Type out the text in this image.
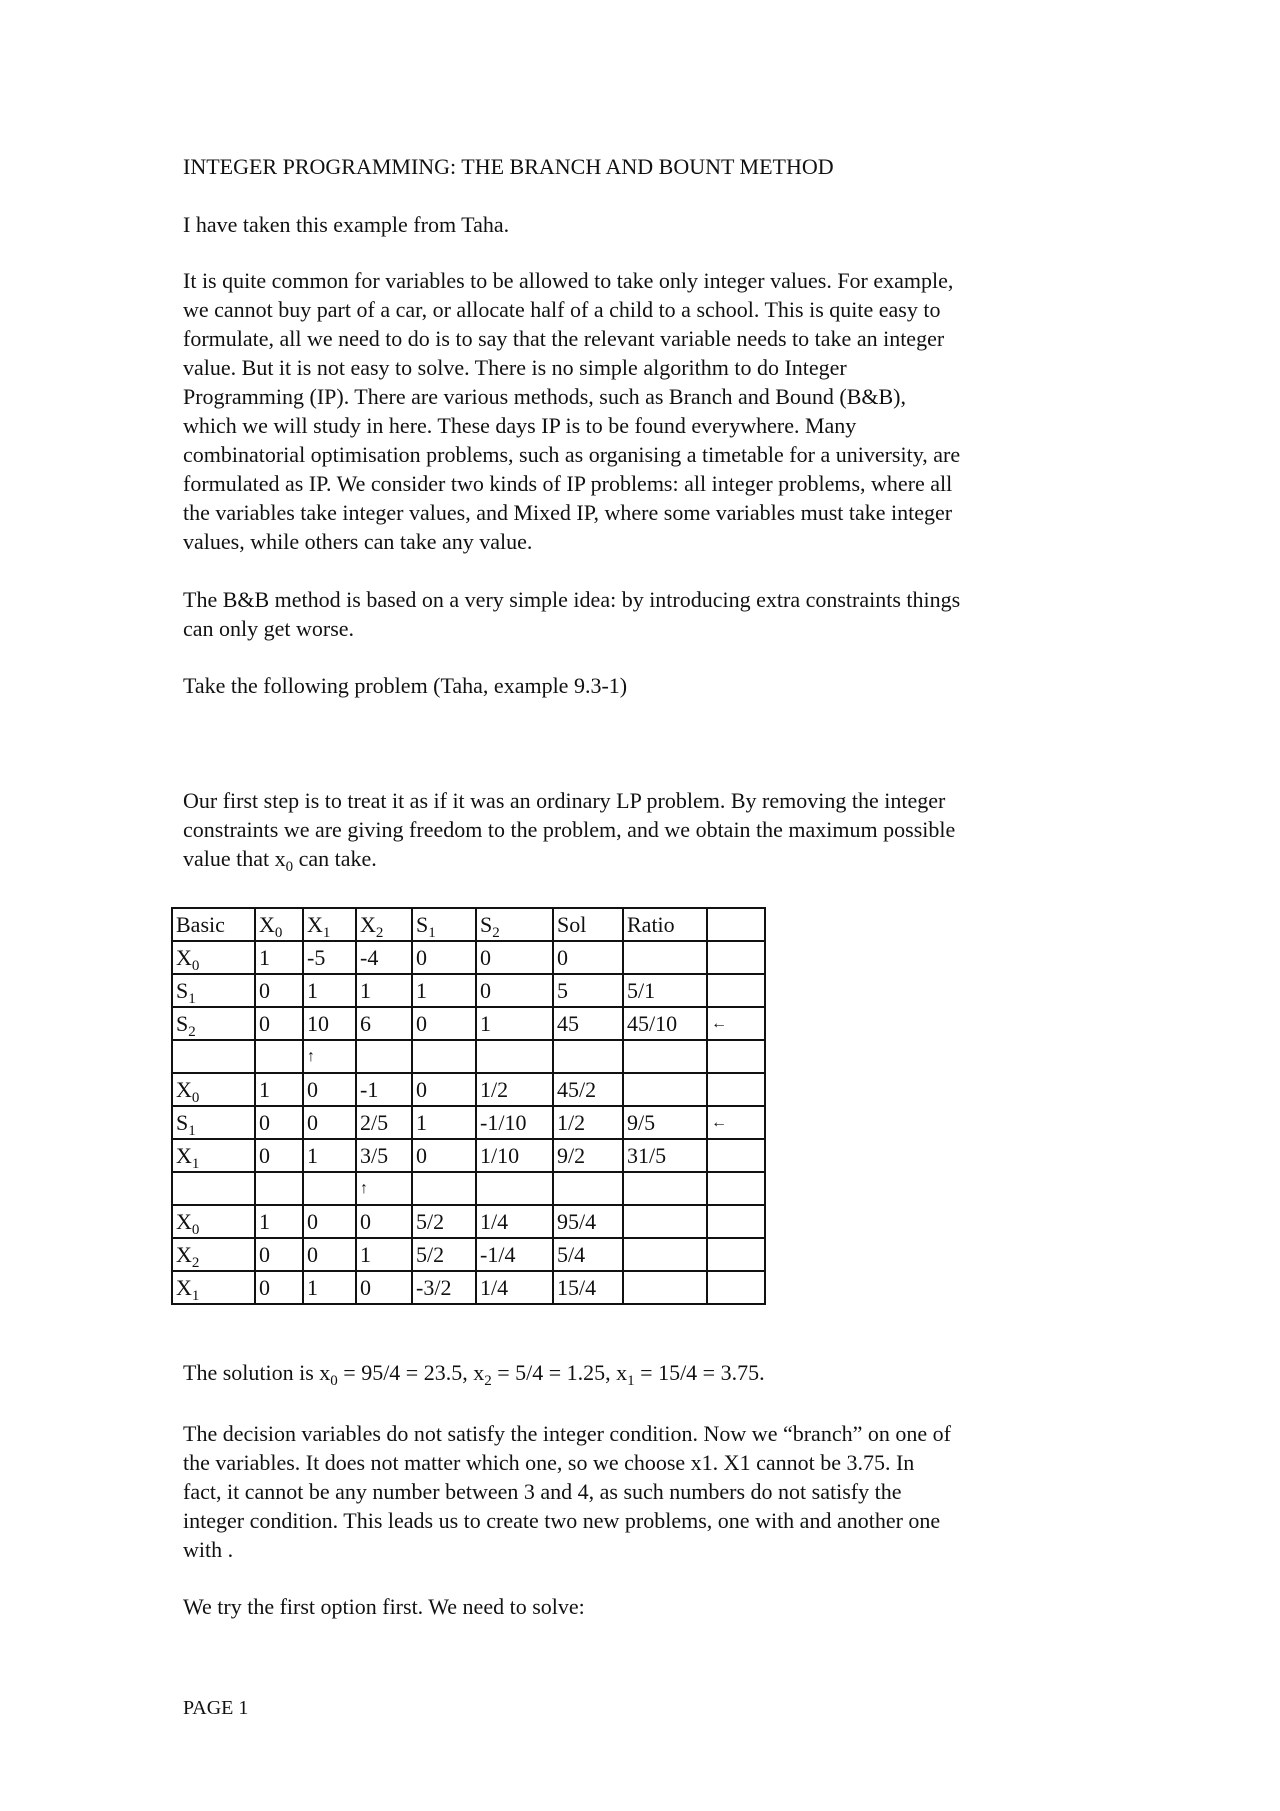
INTEGER PROGRAMMING: THE BRANCH AND BOUNT METHOD
I have taken this example from Taha.
It is quite common for variables to be allowed to take only integer values. For example,
we cannot buy part of a car, or allocate half of a child to a school. This is quite easy to
formulate, all we need to do is to say that the relevant variable needs to take an integer
value. But it is not easy to solve. There is no simple algorithm to do Integer
Programming (IP). There are various methods, such as Branch and Bound (B&B),
which we will study in here. These days IP is to be found everywhere. Many
combinatorial optimisation problems, such as organising a timetable for a university, are
formulated as IP. We consider two kinds of IP problems: all integer problems, where all
the variables take integer values, and Mixed IP, where some variables must take integer
values, while others can take any value.
The B&B method is based on a very simple idea: by introducing extra constraints things
can only get worse.
Take the following problem (Taha, example 9.3-1)
Our first step is to treat it as if it was an ordinary LP problem. By removing the integer
constraints we are giving freedom to the problem, and we obtain the maximum possible
value that $x_0$ can take.
Basic	$X_0$	$X_1$	$X_2$	$S_1$	$S_2$	Sol	Ratio	
$X_0$	1	-5	-4	0	0	0		
$S_1$	0	1	1	1	0	5	5/1	
$S_2$	0	10	6	0	1	45	45/10	←
		↑						
$X_0$	1	0	-1	0	1/2	45/2		
$S_1$	0	0	2/5	1	-1/10	1/2	9/5	←
$X_1$	0	1	3/5	0	1/10	9/2	31/5	
			↑					
$X_0$	1	0	0	5/2	1/4	95/4		
$X_2$	0	0	1	5/2	-1/4	5/4		
$X_1$	0	1	0	-3/2	1/4	15/4		
The solution is $x_0 = 95/4 = 23.5$, $x_2 = 5/4 = 1.25$, $x_1 = 15/4 = 3.75$.
The decision variables do not satisfy the integer condition. Now we “branch” on one of
the variables. It does not matter which one, so we choose x1. X1 cannot be 3.75. In
fact, it cannot be any number between 3 and 4, as such numbers do not satisfy the
integer condition. This leads us to create two new problems, one with and another one
with .
We try the first option first. We need to solve:
PAGE 1
